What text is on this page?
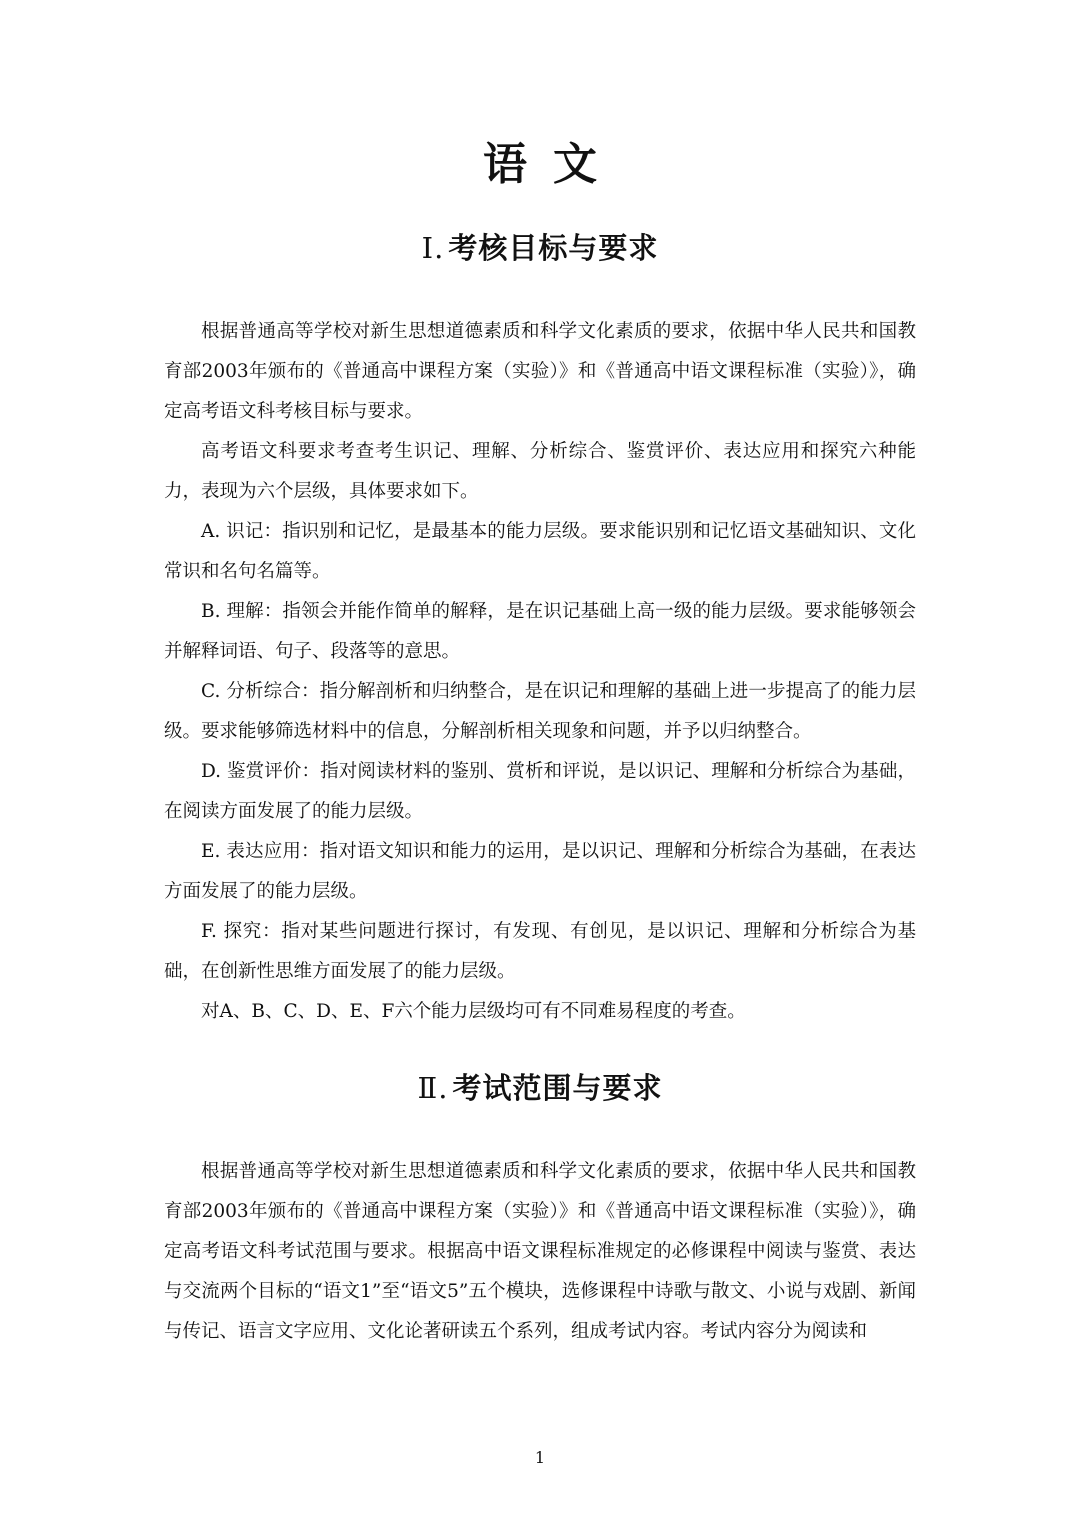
语文
Ⅰ. 考核目标与要求

根据普通高等学校对新生思想道德素质和科学文化素质的要求，依据中华人民共和国教育部2003年颁布的《普通高中课程方案（实验）》和《普通高中语文课程标准（实验）》，确定高考语文科考核目标与要求。

高考语文科要求考查考生识记、理解、分析综合、鉴赏评价、表达应用和探究六种能力，表现为六个层级，具体要求如下。

A. 识记：指识别和记忆，是最基本的能力层级。要求能识别和记忆语文基础知识、文化常识和名句名篇等。

B. 理解：指领会并能作简单的解释，是在识记基础上高一级的能力层级。要求能够领会并解释词语、句子、段落等的意思。

C. 分析综合：指分解剖析和归纳整合，是在识记和理解的基础上进一步提高了的能力层级。要求能够筛选材料中的信息，分解剖析相关现象和问题，并予以归纳整合。

D. 鉴赏评价：指对阅读材料的鉴别、赏析和评说，是以识记、理解和分析综合为基础，在阅读方面发展了的能力层级。

E. 表达应用：指对语文知识和能力的运用，是以识记、理解和分析综合为基础，在表达方面发展了的能力层级。

F. 探究：指对某些问题进行探讨，有发现、有创见，是以识记、理解和分析综合为基础，在创新性思维方面发展了的能力层级。

对A、B、C、D、E、F六个能力层级均可有不同难易程度的考查。

Ⅱ. 考试范围与要求

根据普通高等学校对新生思想道德素质和科学文化素质的要求，依据中华人民共和国教育部2003年颁布的《普通高中课程方案（实验）》和《普通高中语文课程标准（实验）》，确定高考语文科考试范围与要求。根据高中语文课程标准规定的必修课程中阅读与鉴赏、表达与交流两个目标的“语文1”至“语文5”五个模块，选修课程中诗歌与散文、小说与戏剧、新闻与传记、语言文字应用、文化论著研读五个系列，组成考试内容。考试内容分为阅读和

1
